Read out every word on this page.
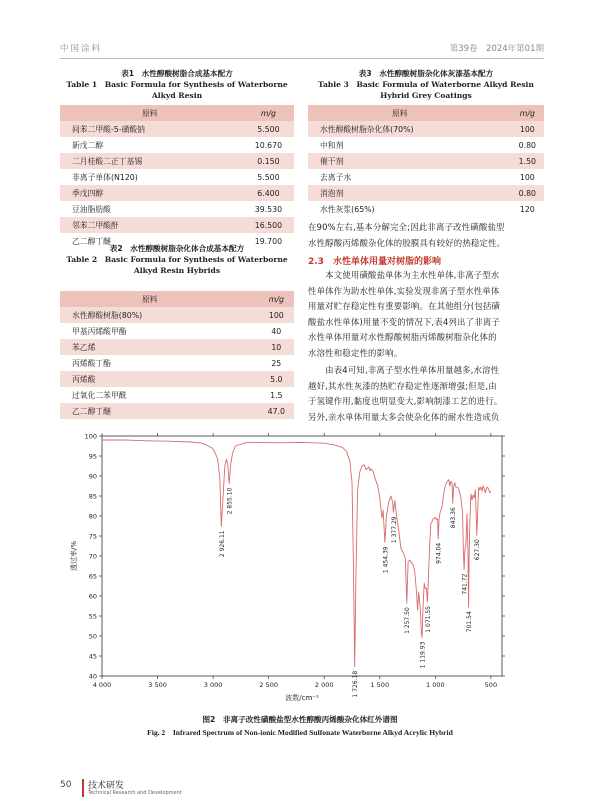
中国涂料	第39卷　2024年第01期
表1　水性醇酸树脂合成基本配方
Table 1　Basic Formula for Synthesis of Waterborne
Alkyd Resin
原料	m/g
间苯二甲酸-5-磺酸钠	5.500
新戊二醇	10.670
二月桂酸二正丁基锡	0.150
非离子单体(N120)	5.500
季戊四醇	6.400
豆油脂肪酸	39.530
邻苯二甲酸酐	16.500
乙二醇丁醚	19.700
表2　水性醇酸树脂杂化体合成基本配方
Table 2　Basic Formula for Synthesis of Waterborne
Alkyd Resin Hybrids
原料	m/g
水性醇酸树脂(80%)	100
甲基丙烯酸甲酯	40
苯乙烯	10
丙烯酸丁酯	25
丙烯酸	5.0
过氧化二苯甲酰	1.5
乙二醇丁醚	47.0
表3　水性醇酸树脂杂化体灰漆基本配方
Table 3　Basic Formula of Waterborne Alkyd Resin
Hybrid Grey Coatings
原料	m/g
水性醇酸树脂杂化体(70%)	100
中和剂	0.80
催干剂	1.50
去离子水	100
消泡剂	0.80
水性灰浆(65%)	120
在90%左右,基本分解完全;因此非离子改性磺酸盐型
水性醇酸丙烯酸杂化体的胶膜具有较好的热稳定性。
2.3　水性单体用量对树脂的影响
　　本文使用磺酸盐单体为主水性单体,非离子型水
性单体作为助水性单体,实验发现非离子型水性单体
用量对贮存稳定性有重要影响。在其他组分(包括磺
酸盐水性单体)用量不变的情况下,表4列出了非离子
水性单体用量对水性醇酸树脂丙烯酸树脂杂化体的
水溶性和稳定性的影响。
　　由表4可知,非离子型水性单体用量越多,水溶性
越好,其水性灰漆的热贮存稳定性逐渐增强;但是,由
于氢键作用,黏度也明显变大,影响制漆工艺的进行。
另外,亲水单体用量太多会使杂化体的耐水性造成负
40
45
50
55
60
65
70
75
80
85
90
95
100
4 000	3 500	3 000	2 500	2 000	1 500	1 000	500
透过率/%
波数/cm⁻¹
2 926.11
2 855.10
1 726.18
1 454.39
1 377.29
1 257.50
1 119.93
1 071.55
974.04
843.36
741.72
701.54
627.30
图2　非离子改性磺酸盐型水性醇酸丙烯酸杂化体红外谱图
Fig. 2　Infrared Spectrum of Non-ionic Modified Sulfonate Waterborne Alkyd Acrylic Hybrid
50 技术研发
Technical Research and Development
